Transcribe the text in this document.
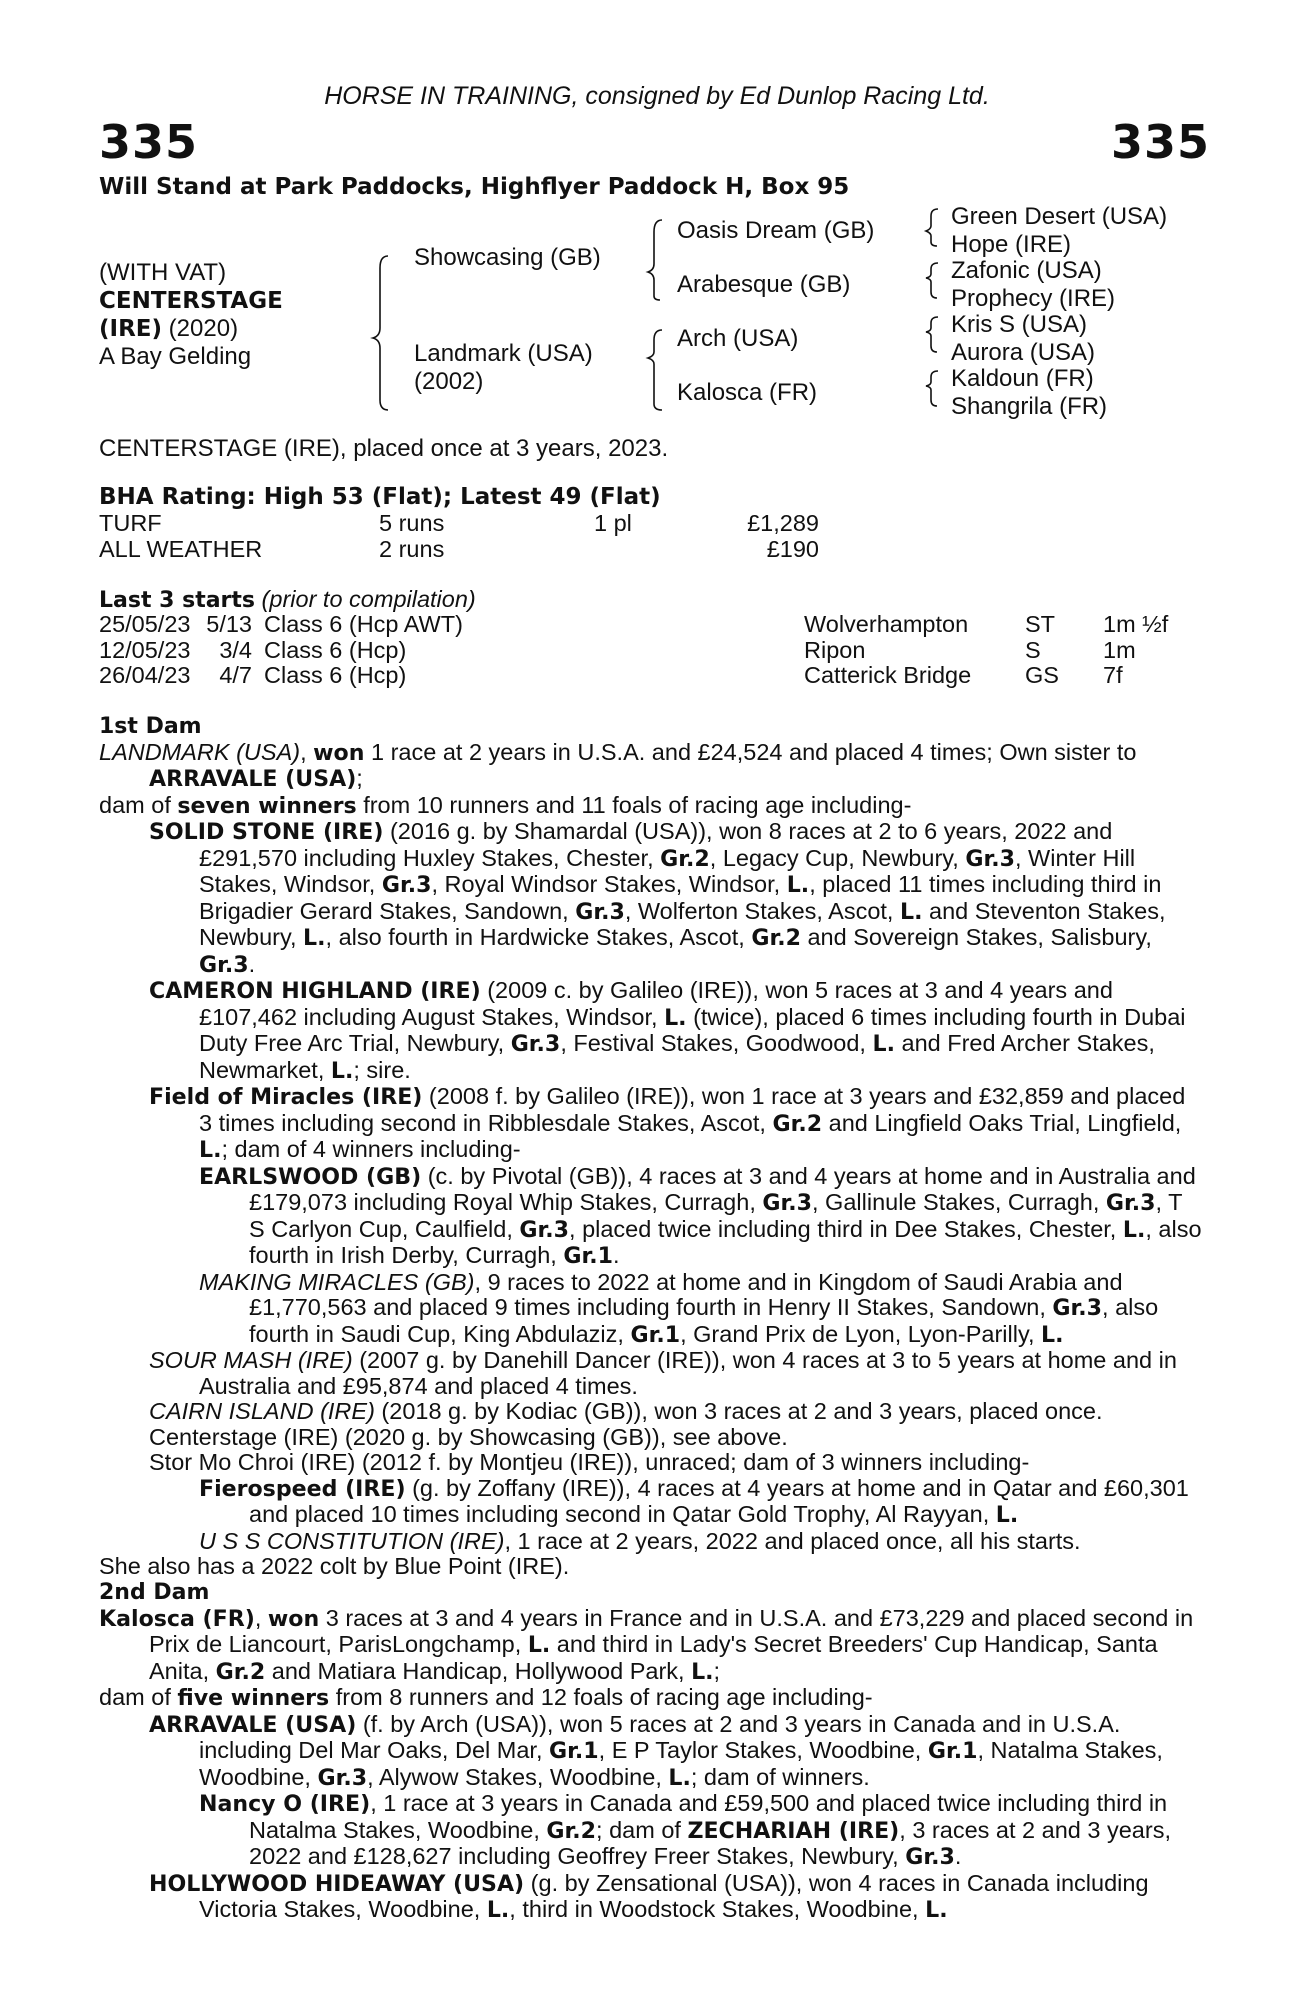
HORSE IN TRAINING, consigned by Ed Dunlop Racing Ltd.
335	335
Will Stand at Park Paddocks, Highflyer Paddock H, Box 95
(WITH VAT)
CENTERSTAGE
(IRE) (2020)
A Bay Gelding
Showcasing (GB)
Landmark (USA)
(2002)
Oasis Dream (GB)
Arabesque (GB)
Arch (USA)
Kalosca (FR)
Green Desert (USA)
Hope (IRE)
Zafonic (USA)
Prophecy (IRE)
Kris S (USA)
Aurora (USA)
Kaldoun (FR)
Shangrila (FR)
CENTERSTAGE (IRE), placed once at 3 years, 2023.
BHA Rating: High 53 (Flat); Latest 49 (Flat)
TURF	5 runs	1 pl	£1,289
ALL WEATHER	2 runs		£190
Last 3 starts (prior to compilation)
25/05/23	5/13	Class 6 (Hcp AWT)	Wolverhampton	ST	1m ½f
12/05/23	3/4	Class 6 (Hcp)	Ripon	S	1m
26/04/23	4/7	Class 6 (Hcp)	Catterick Bridge	GS	7f
1st Dam
LANDMARK (USA), won 1 race at 2 years in U.S.A. and £24,524 and placed 4 times; Own sister to ARRAVALE (USA);
dam of seven winners from 10 runners and 11 foals of racing age including-
SOLID STONE (IRE) (2016 g. by Shamardal (USA)), won 8 races at 2 to 6 years, 2022 and £291,570 including Huxley Stakes, Chester, Gr.2, Legacy Cup, Newbury, Gr.3, Winter Hill Stakes, Windsor, Gr.3, Royal Windsor Stakes, Windsor, L., placed 11 times including third in Brigadier Gerard Stakes, Sandown, Gr.3, Wolferton Stakes, Ascot, L. and Steventon Stakes, Newbury, L., also fourth in Hardwicke Stakes, Ascot, Gr.2 and Sovereign Stakes, Salisbury, Gr.3.
CAMERON HIGHLAND (IRE) (2009 c. by Galileo (IRE)), won 5 races at 3 and 4 years and £107,462 including August Stakes, Windsor, L. (twice), placed 6 times including fourth in Dubai Duty Free Arc Trial, Newbury, Gr.3, Festival Stakes, Goodwood, L. and Fred Archer Stakes, Newmarket, L.; sire.
Field of Miracles (IRE) (2008 f. by Galileo (IRE)), won 1 race at 3 years and £32,859 and placed 3 times including second in Ribblesdale Stakes, Ascot, Gr.2 and Lingfield Oaks Trial, Lingfield, L.; dam of 4 winners including-
EARLSWOOD (GB) (c. by Pivotal (GB)), 4 races at 3 and 4 years at home and in Australia and £179,073 including Royal Whip Stakes, Curragh, Gr.3, Gallinule Stakes, Curragh, Gr.3, T S Carlyon Cup, Caulfield, Gr.3, placed twice including third in Dee Stakes, Chester, L., also fourth in Irish Derby, Curragh, Gr.1.
MAKING MIRACLES (GB), 9 races to 2022 at home and in Kingdom of Saudi Arabia and £1,770,563 and placed 9 times including fourth in Henry II Stakes, Sandown, Gr.3, also fourth in Saudi Cup, King Abdulaziz, Gr.1, Grand Prix de Lyon, Lyon-Parilly, L.
SOUR MASH (IRE) (2007 g. by Danehill Dancer (IRE)), won 4 races at 3 to 5 years at home and in Australia and £95,874 and placed 4 times.
CAIRN ISLAND (IRE) (2018 g. by Kodiac (GB)), won 3 races at 2 and 3 years, placed once.
Centerstage (IRE) (2020 g. by Showcasing (GB)), see above.
Stor Mo Chroi (IRE) (2012 f. by Montjeu (IRE)), unraced; dam of 3 winners including-
Fierospeed (IRE) (g. by Zoffany (IRE)), 4 races at 4 years at home and in Qatar and £60,301 and placed 10 times including second in Qatar Gold Trophy, Al Rayyan, L.
U S S CONSTITUTION (IRE), 1 race at 2 years, 2022 and placed once, all his starts.
She also has a 2022 colt by Blue Point (IRE).
2nd Dam
Kalosca (FR), won 3 races at 3 and 4 years in France and in U.S.A. and £73,229 and placed second in Prix de Liancourt, ParisLongchamp, L. and third in Lady's Secret Breeders' Cup Handicap, Santa Anita, Gr.2 and Matiara Handicap, Hollywood Park, L.;
dam of five winners from 8 runners and 12 foals of racing age including-
ARRAVALE (USA) (f. by Arch (USA)), won 5 races at 2 and 3 years in Canada and in U.S.A. including Del Mar Oaks, Del Mar, Gr.1, E P Taylor Stakes, Woodbine, Gr.1, Natalma Stakes, Woodbine, Gr.3, Alywow Stakes, Woodbine, L.; dam of winners.
Nancy O (IRE), 1 race at 3 years in Canada and £59,500 and placed twice including third in Natalma Stakes, Woodbine, Gr.2; dam of ZECHARIAH (IRE), 3 races at 2 and 3 years, 2022 and £128,627 including Geoffrey Freer Stakes, Newbury, Gr.3.
HOLLYWOOD HIDEAWAY (USA) (g. by Zensational (USA)), won 4 races in Canada including Victoria Stakes, Woodbine, L., third in Woodstock Stakes, Woodbine, L.
